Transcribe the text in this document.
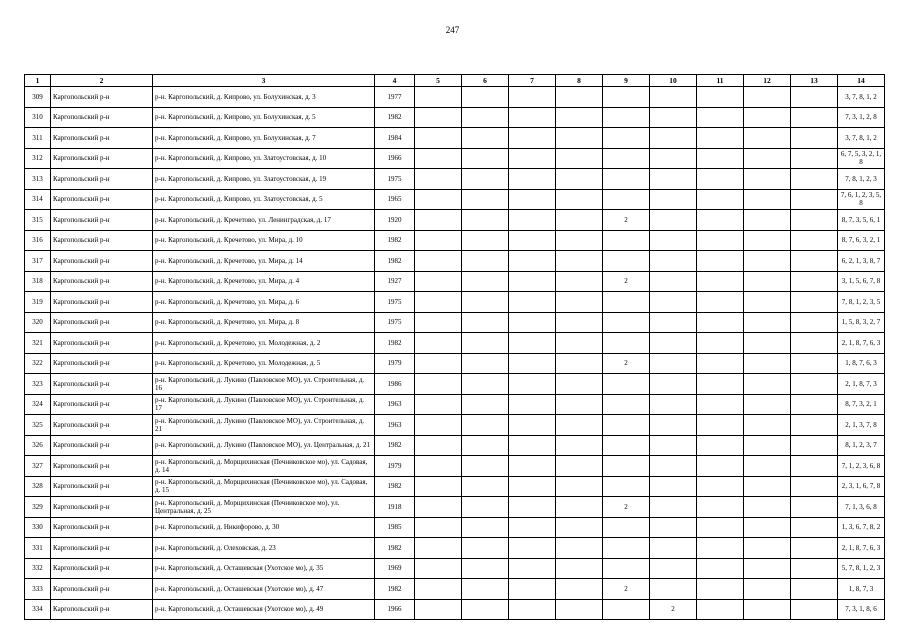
247
1	2	3	4	5	6	7	8	9	10	11	12	13	14
309	Каргопольский р-н	р-н. Каргопольский, д. Кипрово, ул. Болухинская, д. 3	1977										3, 7, 8, 1, 2
310	Каргопольский р-н	р-н. Каргопольский, д. Кипрово, ул. Болухинская, д. 5	1982										7, 3, 1, 2, 8
311	Каргопольский р-н	р-н. Каргопольский, д. Кипрово, ул. Болухинская, д. 7	1984										3, 7, 8, 1, 2
312	Каргопольский р-н	р-н. Каргопольский, д. Кипрово, ул. Златоустовская, д. 10	1966										6, 7, 5, 3, 2, 1, 8
313	Каргопольский р-н	р-н. Каргопольский, д. Кипрово, ул. Златоустовская, д. 19	1975										7, 8, 1, 2, 3
314	Каргопольский р-н	р-н. Каргопольский, д. Кипрово, ул. Златоустовская, д. 5	1965										7, 6, 1, 2, 3, 5, 8
315	Каргопольский р-н	р-н. Каргопольский, д. Кречетово, ул. Ленинградская, д. 17	1920					2					8, 7, 3, 5, 6, 1
316	Каргопольский р-н	р-н. Каргопольский, д. Кречетово, ул. Мира, д. 10	1982										8, 7, 6, 3, 2, 1
317	Каргопольский р-н	р-н. Каргопольский, д. Кречетово, ул. Мира, д. 14	1982										6, 2, 1, 3, 8, 7
318	Каргопольский р-н	р-н. Каргопольский, д. Кречетово, ул. Мира, д. 4	1927					2					3, 1, 5, 6, 7, 8
319	Каргопольский р-н	р-н. Каргопольский, д. Кречетово, ул. Мира, д. 6	1975										7, 8, 1, 2, 3, 5
320	Каргопольский р-н	р-н. Каргопольский, д. Кречетово, ул. Мира, д. 8	1975										1, 5, 8, 3, 2, 7
321	Каргопольский р-н	р-н. Каргопольский, д. Кречетово, ул. Молодежная, д. 2	1982										2, 1, 8, 7, 6, 3
322	Каргопольский р-н	р-н. Каргопольский, д. Кречетово, ул. Молодежная, д. 5	1979					2					1, 8, 7, 6, 3
323	Каргопольский р-н	р-н. Каргопольский, д. Лукино (Павловское МО), ул. Строительная, д. 16	1986										2, 1, 8, 7, 3
324	Каргопольский р-н	р-н. Каргопольский, д. Лукино (Павловское МО), ул. Строительная, д. 17	1963										8, 7, 3, 2, 1
325	Каргопольский р-н	р-н. Каргопольский, д. Лукино (Павловское МО), ул. Строительная, д. 21	1963										2, 1, 3, 7, 8
326	Каргопольский р-н	р-н. Каргопольский, д. Лукино (Павловское МО), ул. Центральная, д. 21	1982										8, 1, 2, 3, 7
327	Каргопольский р-н	р-н. Каргопольский, д. Морщихинская (Печниковское мо), ул. Садовая, д. 14	1979										7, 1, 2, 3, 6, 8
328	Каргопольский р-н	р-н. Каргопольский, д. Морщихинская (Печниковское мо), ул. Садовая, д. 15	1982										2, 3, 1, 6, 7, 8
329	Каргопольский р-н	р-н. Каргопольский, д. Морщихинская (Печниковское мо), ул. Центральная, д. 25	1918					2					7, 1, 3, 6, 8
330	Каргопольский р-н	р-н. Каргопольский, д. Никифорово, д. 30	1985										1, 3, 6, 7, 8, 2
331	Каргопольский р-н	р-н. Каргопольский, д. Олеховская, д. 23	1982										2, 1, 8, 7, 6, 3
332	Каргопольский р-н	р-н. Каргопольский, д. Осташевская (Ухотское мо), д. 35	1969										5, 7, 8, 1, 2, 3
333	Каргопольский р-н	р-н. Каргопольский, д. Осташевская (Ухотское мо), д. 47	1982					2					1, 8, 7, 3
334	Каргопольский р-н	р-н. Каргопольский, д. Осташевская (Ухотское мо), д. 49	1966						2				7, 3, 1, 8, 6
